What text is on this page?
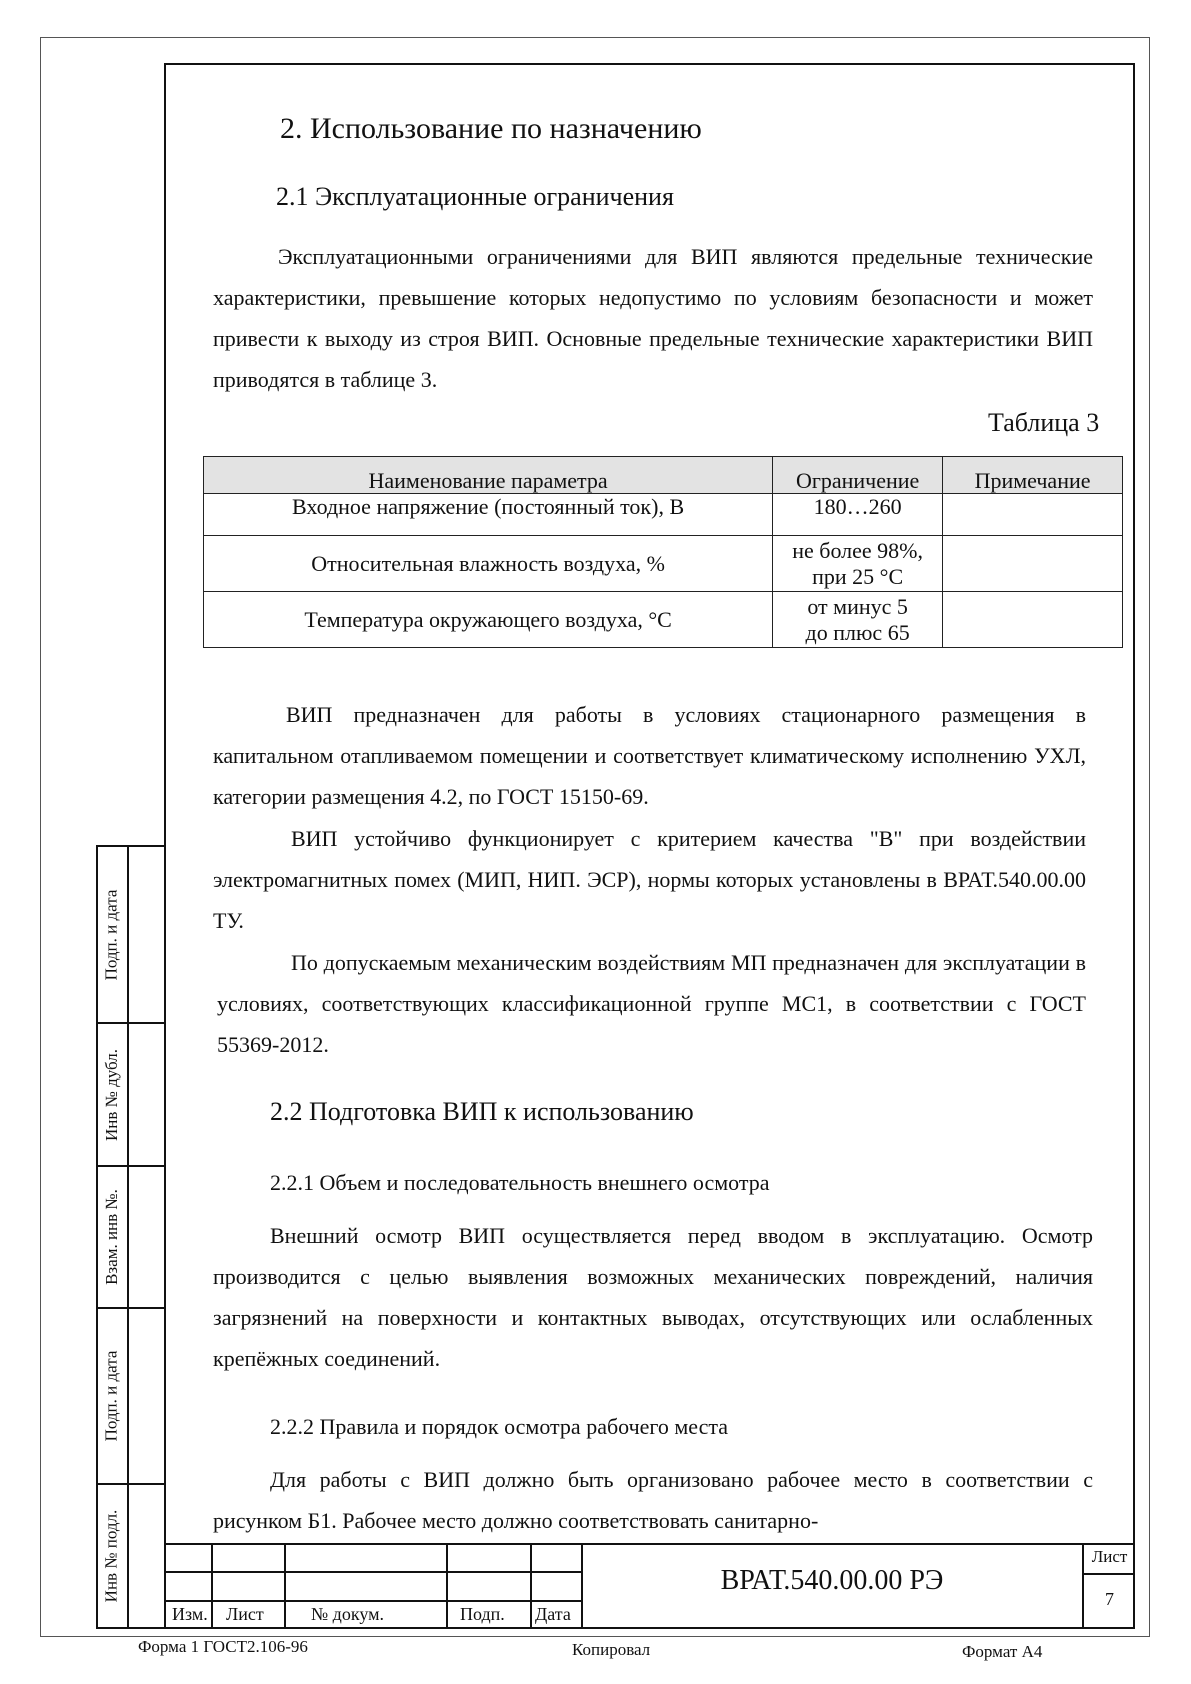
2. Использование по назначению
2.1 Эксплуатационные ограничения
Эксплуатационными ограничениями для ВИП являются предельные технические характеристики, превышение которых недопустимо по условиям безопасности и может привести к выходу из строя ВИП. Основные предельные технические характеристики ВИП приводятся в таблице 3.
Таблица 3
Наименование параметра	Ограничение	Примечание
Входное напряжение (постоянный ток), В	180…260	

Относительная влажность воздуха, %	не более 98%,
при 25 °С	

Температура окружающего воздуха, °С	от минус 5
до плюс 65	

ВИП предназначен для работы в условиях стационарного размещения в капитальном отапливаемом помещении и соответствует климатическому исполнению УХЛ, категории размещения 4.2, по ГОСТ 15150-69.
ВИП устойчиво функционирует с критерием качества "В" при воздействии электромагнитных помех (МИП, НИП. ЭСР), нормы которых установлены в ВРАТ.540.00.00 ТУ.
По допускаемым механическим воздействиям МП предназначен для эксплуатации в условиях, соответствующих классификационной группе МС1, в соответствии с ГОСТ 55369-2012.
2.2 Подготовка ВИП к использованию
2.2.1 Объем и последовательность внешнего осмотра
Внешний осмотр ВИП осуществляется перед вводом в эксплуатацию. Осмотр производится с целью выявления возможных механических повреждений, наличия загрязнений на поверхности и контактных выводах, отсутствующих или ослабленных крепёжных соединений.
2.2.2 Правила и порядок осмотра рабочего места
Для работы с ВИП должно быть организовано рабочее место в соответствии с рисунком Б1. Рабочее место должно соответствовать санитарно-
Подп. и дата
Инв № дубл.
Взам. инв №.
Подп. и дата
Инв № подл.
Изм. Лист	№ докум.	Подп. Дата
ВРАТ.540.00.00 РЭ
Лист
7
Форма 1 ГОСТ2.106-96	Копировал	Формат А4
